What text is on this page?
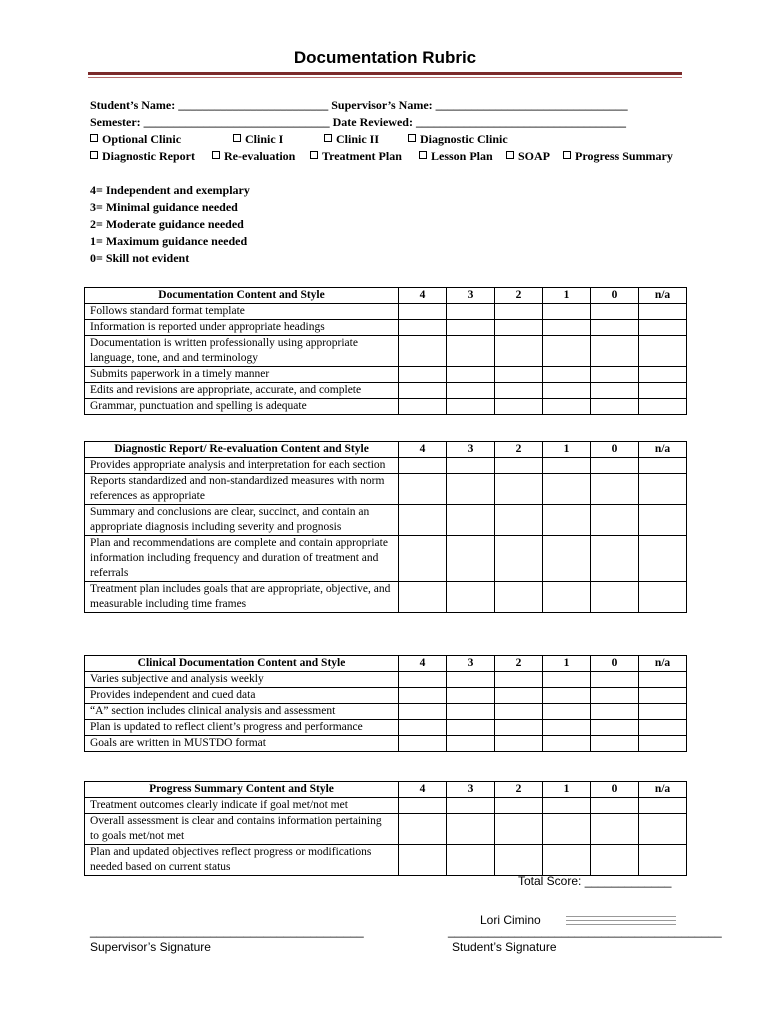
Documentation Rubric
Student’s Name: _________________________ Supervisor’s Name: ________________________________
Semester: _______________________________ Date Reviewed: ___________________________________
Optional Clinic	Clinic I	Clinic II	Diagnostic Clinic
Diagnostic Report	Re-evaluation	Treatment Plan	Lesson Plan	SOAP	Progress Summary
4= Independent and exemplary
3= Minimal guidance needed
2= Moderate guidance needed
1= Maximum guidance needed
0= Skill not evident
Documentation Content and Style	4	3	2	1	0	n/a
Follows standard format template						
Information is reported under appropriate headings						
Documentation is written professionally using appropriate language, tone, and and terminology						
Submits paperwork in a timely manner						
Edits and revisions are appropriate, accurate, and complete						
Grammar, punctuation and spelling is adequate						
Diagnostic Report/ Re-evaluation Content and Style	4	3	2	1	0	n/a
Provides appropriate analysis and interpretation for each section						
Reports standardized and non-standardized measures with norm references as appropriate						
Summary and conclusions are clear, succinct, and contain an appropriate diagnosis including severity and prognosis						
Plan and recommendations are complete and contain appropriate information including frequency and duration of treatment and referrals						
Treatment plan includes goals that are appropriate, objective, and measurable including time frames						
Clinical Documentation Content and Style	4	3	2	1	0	n/a
Varies subjective and analysis weekly						
Provides independent and cued data						
“A” section includes clinical analysis and assessment						
Plan is updated to reflect client’s progress and performance						
Goals are written in MUSTDO format						
Progress Summary Content and Style	4	3	2	1	0	n/a
Treatment outcomes clearly indicate if goal met/not met						
Overall assessment is clear and contains information pertaining to goals met/not met						
Plan and updated objectives reflect progress or modifications needed based on current status						
Total Score: _____________
_________________________________________
Supervisor’s Signature
Lori Cimino
_________________________________________
Student’s Signature
